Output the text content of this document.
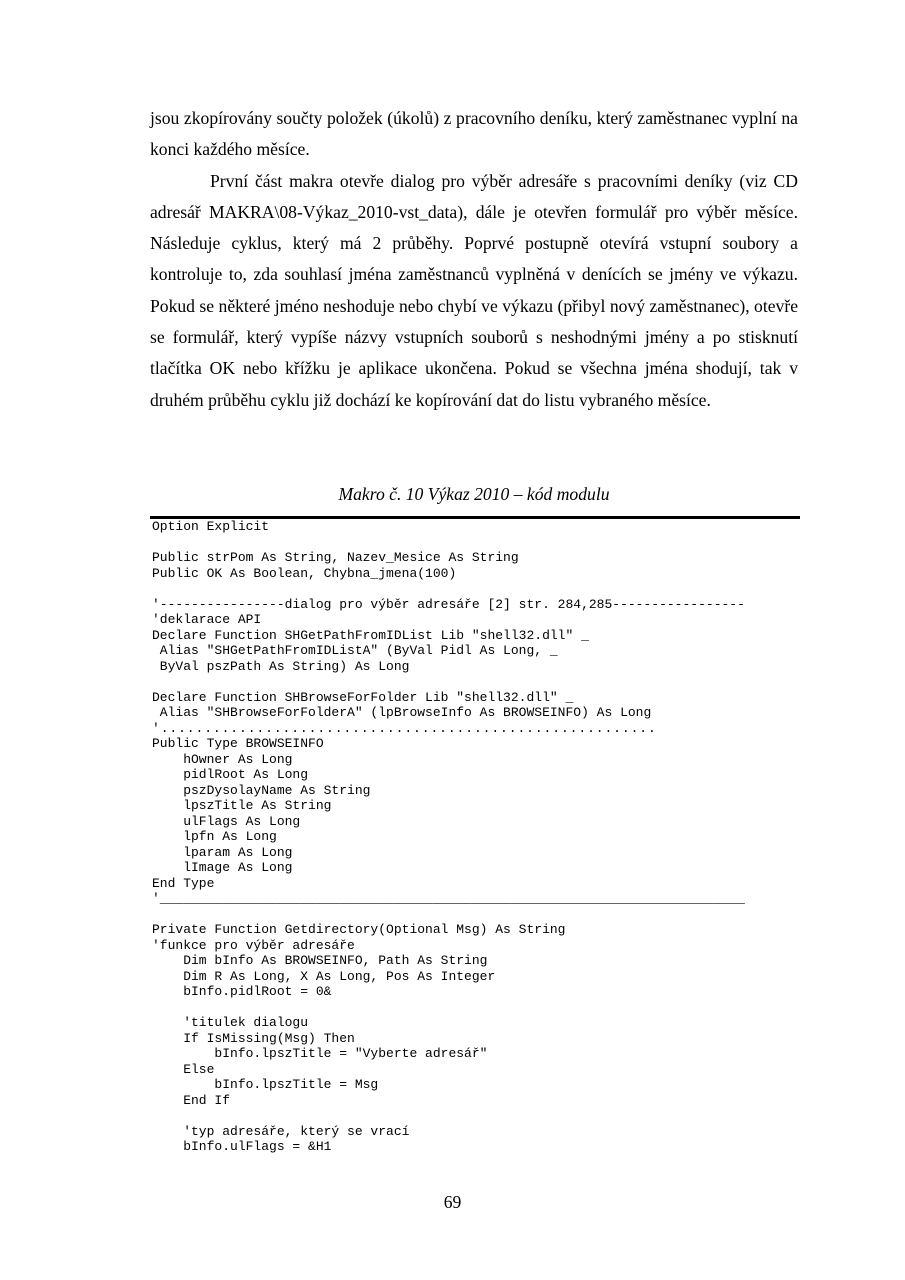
jsou zkopírovány součty položek (úkolů) z pracovního deníku, který zaměstnanec vyplní na konci každého měsíce.

První část makra otevře dialog pro výběr adresáře s pracovními deníky (viz CD adresář MAKRA\08-Výkaz_2010-vst_data), dále je otevřen formulář pro výběr měsíce. Následuje cyklus, který má 2 průběhy. Poprvé postupně otevírá vstupní soubory a kontroluje to, zda souhlasí jména zaměstnanců vyplněná v denících se jmény ve výkazu. Pokud se některé jméno neshoduje nebo chybí ve výkazu (přibyl nový zaměstnanec), otevře se formulář, který vypíše názvy vstupních souborů s neshodnými jmény a po stisknutí tlačítka OK nebo křížku je aplikace ukončena. Pokud se všechna jména shodují, tak v druhém průběhu cyklu již dochází ke kopírování dat do listu vybraného měsíce.

Makro č. 10 Výkaz 2010 – kód modulu
Option Explicit
Public strPom As String, Nazev_Mesice As String
Public OK As Boolean, Chybna_jmena(100)
'----------------dialog pro výběr adresáře [2] str. 284,285-----------------
'deklarace API
Declare Function SHGetPathFromIDList Lib "shell32.dll" _
Alias "SHGetPathFromIDListA" (ByVal Pidl As Long, _
ByVal pszPath As String) As Long
Declare Function SHBrowseForFolder Lib "shell32.dll" _
Alias "SHBrowseForFolderA" (lpBrowseInfo As BROWSEINFO) As Long
'.........................................................
Public Type BROWSEINFO
hOwner As Long
pidlRoot As Long
pszDysolayName As String
lpszTitle As String
ulFlags As Long
lpfn As Long
lparam As Long
lImage As Long
End Type
'___________________________________________________________________________
Private Function Getdirectory(Optional Msg) As String
'funkce pro výběr adresáře
Dim bInfo As BROWSEINFO, Path As String
Dim R As Long, X As Long, Pos As Integer
bInfo.pidlRoot = 0&
'titulek dialogu
If IsMissing(Msg) Then
bInfo.lpszTitle = "Vyberte adresář"
Else
bInfo.lpszTitle = Msg
End If
'typ adresáře, který se vrací
bInfo.ulFlags = &H1
69
